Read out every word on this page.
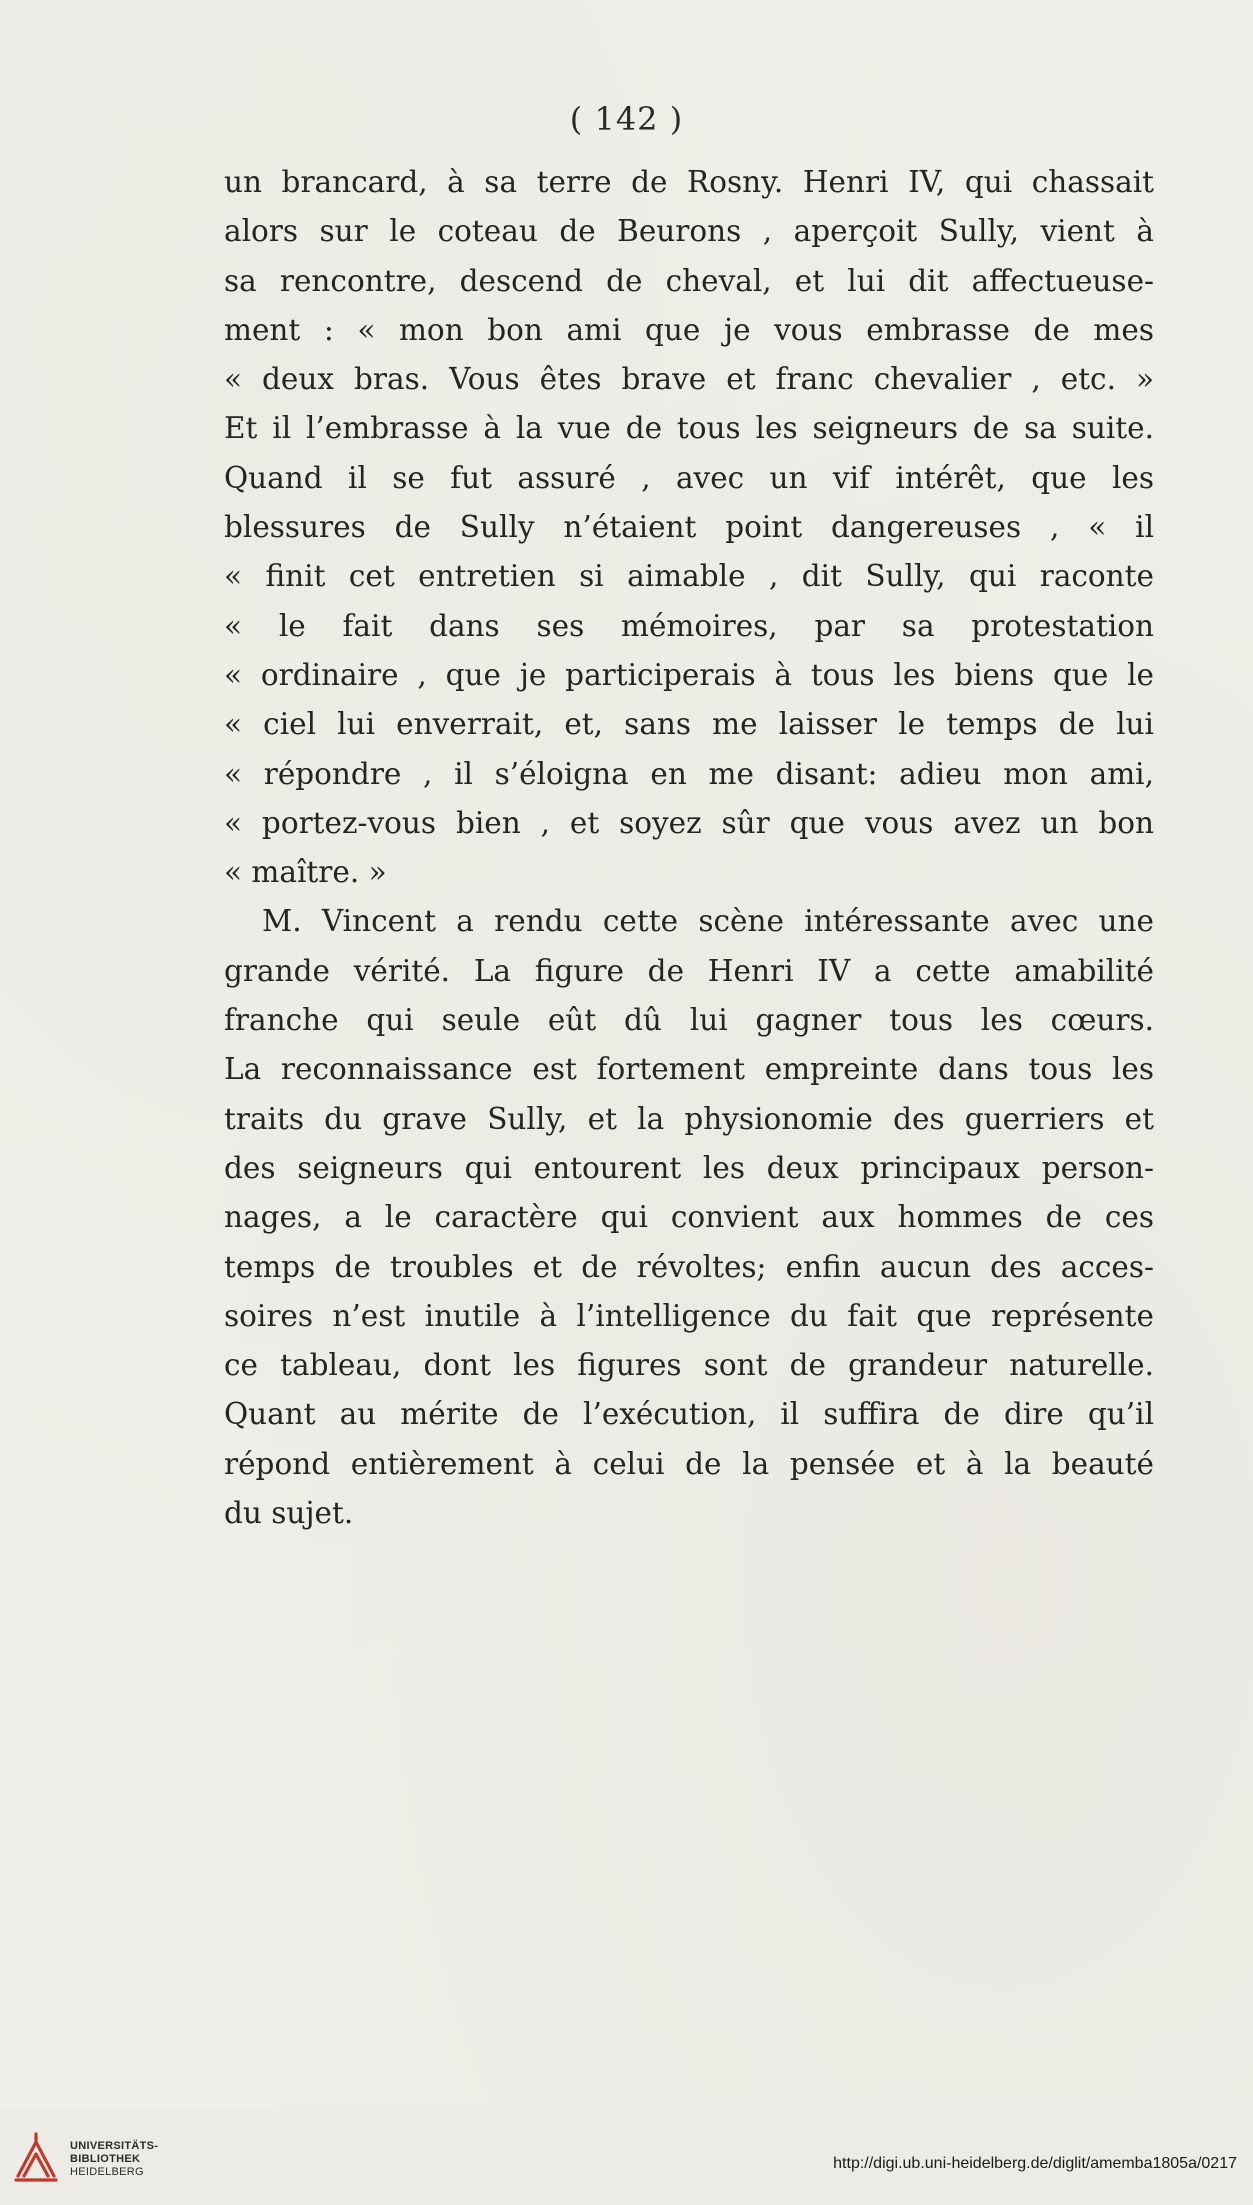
( 142 )
un brancard, à sa terre de Rosny. Henri IV, qui chassait
alors sur le coteau de Beurons , aperçoit Sully, vient à
sa rencontre, descend de cheval, et lui dit affectueuse-
ment : « mon bon ami que je vous embrasse de mes
« deux bras. Vous êtes brave et franc chevalier , etc. »
Et il l’embrasse à la vue de tous les seigneurs de sa suite.
Quand il se fut assuré , avec un vif intérêt, que les
blessures de Sully n’étaient point dangereuses , « il
« finit cet entretien si aimable , dit Sully, qui raconte
« le fait dans ses mémoires, par sa protestation
« ordinaire , que je participerais à tous les biens que le
« ciel lui enverrait, et, sans me laisser le temps de lui
« répondre , il s’éloigna en me disant: adieu mon ami,
« portez-vous bien , et soyez sûr que vous avez un bon
« maître. »
M. Vincent a rendu cette scène intéressante avec une
grande vérité. La figure de Henri IV a cette amabilité
franche qui seule eût dû lui gagner tous les cœurs.
La reconnaissance est fortement empreinte dans tous les
traits du grave Sully, et la physionomie des guerriers et
des seigneurs qui entourent les deux principaux person-
nages, a le caractère qui convient aux hommes de ces
temps de troubles et de révoltes; enfin aucun des acces-
soires n’est inutile à l’intelligence du fait que représente
ce tableau, dont les figures sont de grandeur naturelle.
Quant au mérite de l’exécution, il suffira de dire qu’il
répond entièrement à celui de la pensée et à la beauté
du sujet.
UNIVERSITÄTS-
BIBLIOTHEK
HEIDELBERG	http://digi.ub.uni-heidelberg.de/diglit/amemba1805a/0217
